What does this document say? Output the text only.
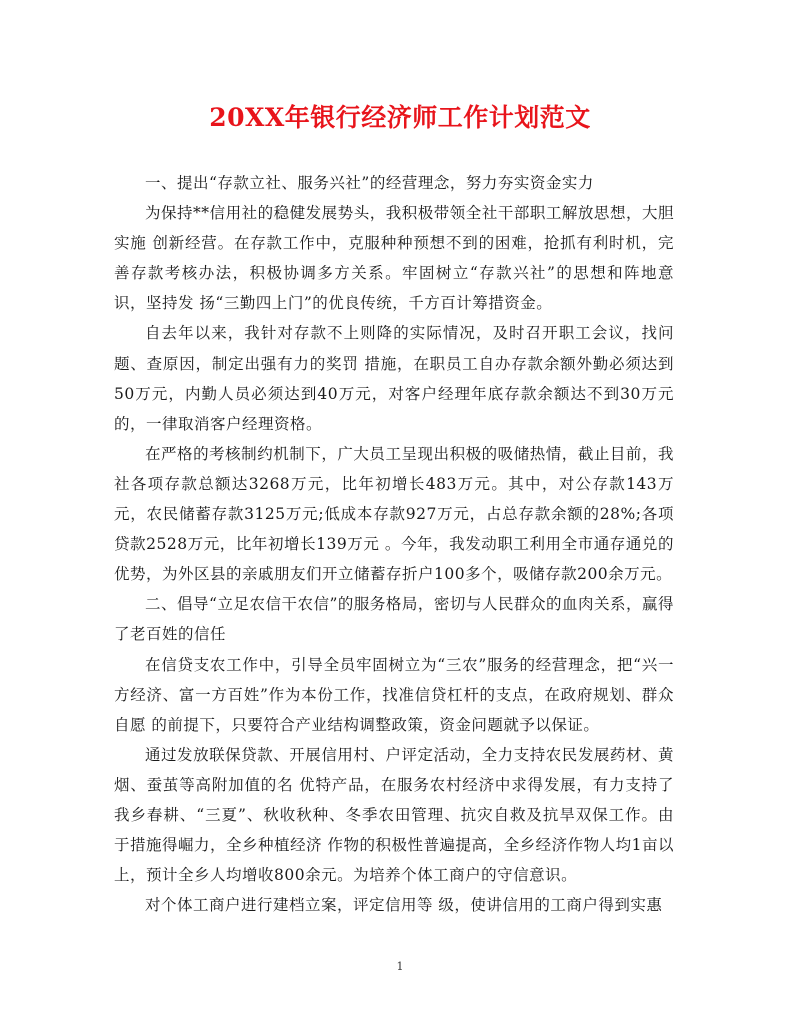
20XX年银行经济师工作计划范文

一、提出“存款立社、服务兴社”的经营理念，努力夯实资金实力

为保持**信用社的稳健发展势头，我积极带领全社干部职工解放思想，大胆实施 创新经营。在存款工作中，克服种种预想不到的困难，抢抓有利时机，完善存款考核办法，积极协调多方关系。牢固树立“存款兴社”的思想和阵地意识，坚持发 扬“三勤四上门”的优良传统，千方百计筹措资金。

自去年以来，我针对存款不上则降的实际情况，及时召开职工会议，找问题、查原因，制定出强有力的奖罚 措施，在职员工自办存款余额外勤必须达到50万元，内勤人员必须达到40万元，对客户经理年底存款余额达不到30万元的，一律取消客户经理资格。

在严格的考核制约机制下，广大员工呈现出积极的吸储热情，截止目前，我社各项存款总额达3268万元，比年初增长483万元。其中，对公存款143万 元，农民储蓄存款3125万元;低成本存款927万元，占总存款余额的28%;各项贷款2528万元，比年初增长139万元 。今年，我发动职工利用全市通存通兑的优势，为外区县的亲戚朋友们开立储蓄存折户100多个，吸储存款200余万元。

二、倡导“立足农信干农信”的服务格局，密切与人民群众的血肉关系，赢得了老百姓的信任

在信贷支农工作中，引导全员牢固树立为“三农”服务的经营理念，把“兴一方经济、富一方百姓”作为本份工作，找准信贷杠杆的支点，在政府规划、群众自愿 的前提下，只要符合产业结构调整政策，资金问题就予以保证。

通过发放联保贷款、开展信用村、户评定活动，全力支持农民发展药材、黄烟、蚕茧等高附加值的名 优特产品，在服务农村经济中求得发展，有力支持了我乡春耕、“三夏”、秋收秋种、冬季农田管理、抗灾自救及抗旱双保工作。由于措施得崛力，全乡种植经济 作物的积极性普遍提高，全乡经济作物人均1亩以上，预计全乡人均增收800余元。为培养个体工商户的守信意识。

对个体工商户进行建档立案，评定信用等 级，使讲信用的工商户得到实惠

1
